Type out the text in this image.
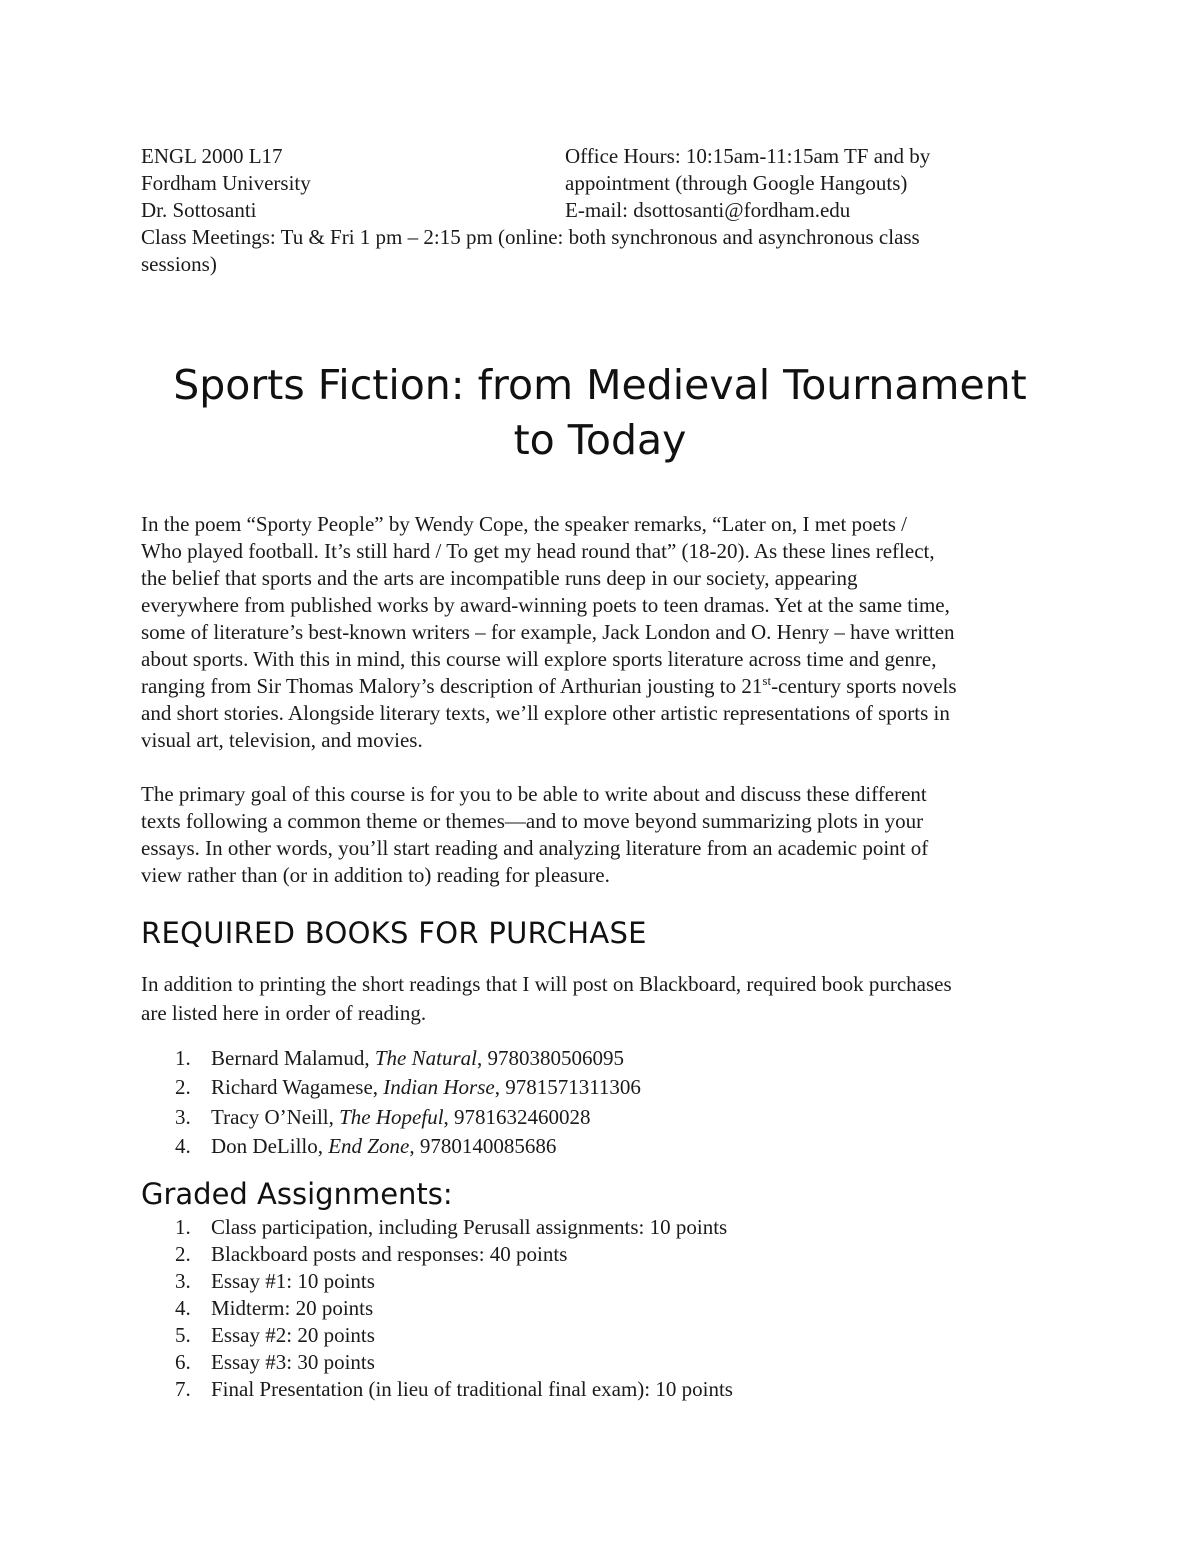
ENGL 2000 L17
Fordham University
Dr. Sottosanti
Office Hours: 10:15am-11:15am TF and by
appointment (through Google Hangouts)
E-mail: dsottosanti@fordham.edu
Class Meetings: Tu & Fri 1 pm – 2:15 pm (online: both synchronous and asynchronous class
sessions)
Sports Fiction: from Medieval Tournament
to Today
In the poem “Sporty People” by Wendy Cope, the speaker remarks, “Later on, I met poets /
Who played football. It’s still hard / To get my head round that” (18-20). As these lines reflect,
the belief that sports and the arts are incompatible runs deep in our society, appearing
everywhere from published works by award-winning poets to teen dramas. Yet at the same time,
some of literature’s best-known writers – for example, Jack London and O. Henry – have written
about sports. With this in mind, this course will explore sports literature across time and genre,
ranging from Sir Thomas Malory’s description of Arthurian jousting to 21st-century sports novels
and short stories. Alongside literary texts, we’ll explore other artistic representations of sports in
visual art, television, and movies.
The primary goal of this course is for you to be able to write about and discuss these different
texts following a common theme or themes—and to move beyond summarizing plots in your
essays. In other words, you’ll start reading and analyzing literature from an academic point of
view rather than (or in addition to) reading for pleasure.
REQUIRED BOOKS FOR PURCHASE
In addition to printing the short readings that I will post on Blackboard, required book purchases
are listed here in order of reading.
1. Bernard Malamud, The Natural, 9780380506095
2. Richard Wagamese, Indian Horse, 9781571311306
3. Tracy O’Neill, The Hopeful, 9781632460028
4. Don DeLillo, End Zone, 9780140085686
Graded Assignments:
1. Class participation, including Perusall assignments: 10 points
2. Blackboard posts and responses: 40 points
3. Essay #1: 10 points
4. Midterm: 20 points
5. Essay #2: 20 points
6. Essay #3: 30 points
7. Final Presentation (in lieu of traditional final exam): 10 points
